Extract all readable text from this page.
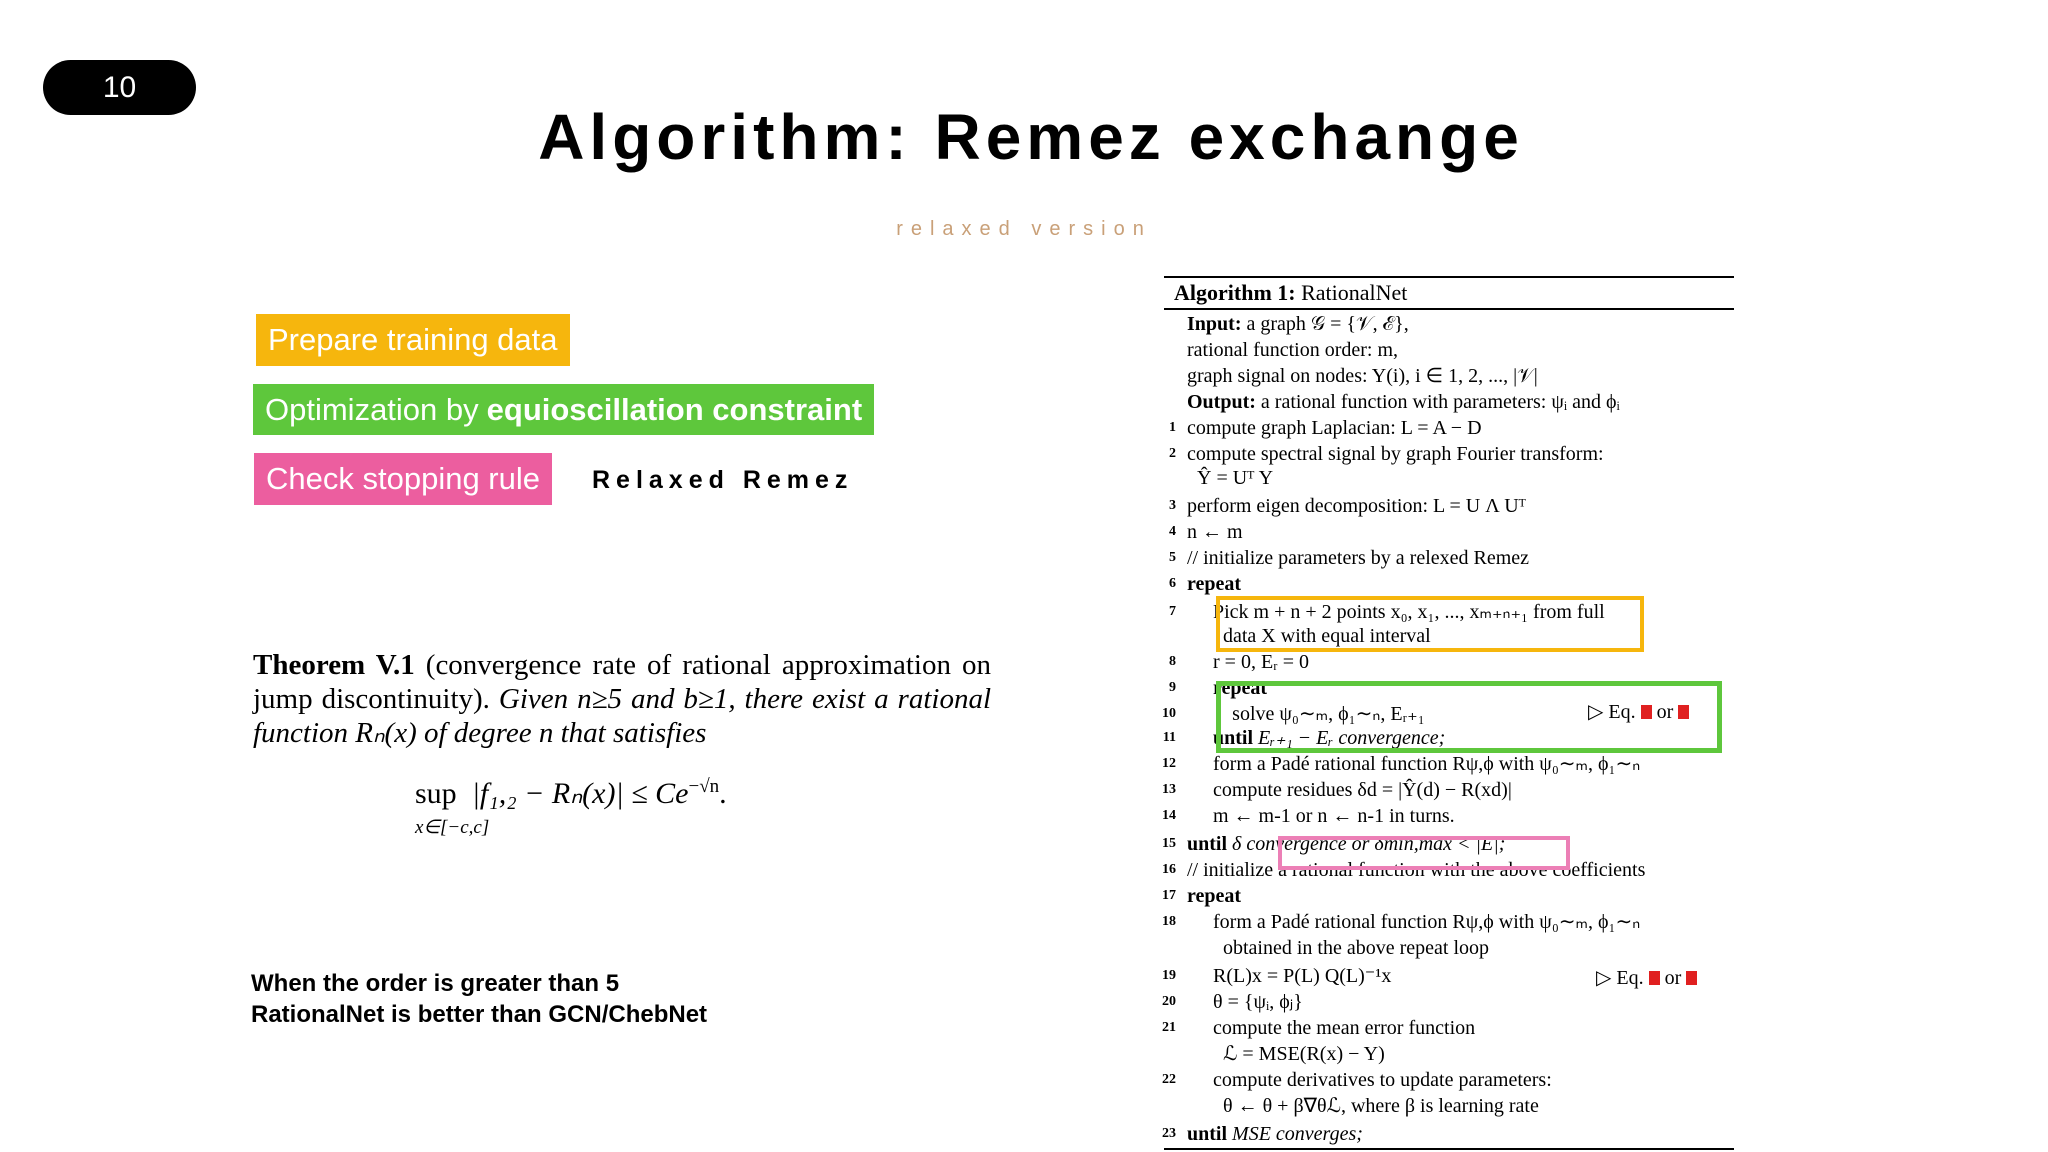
10
Algorithm: Remez exchange
relaxed version
Prepare training data
Optimization by equioscillation constraint
Check stopping rule Relaxed Remez
Theorem V.1 (convergence rate of rational approximation on jump discontinuity). Given n≥5 and b≥1, there exist a rational function Rₙ(x) of degree n that satisfies
sup $|f_1,_2 - R_n(x)| \le Ce^{-√n}$.
x∈[−c,c]
When the order is greater than 5
RationalNet is better than GCN/ChebNet
Algorithm 1: RationalNet
Input: a graph 𝒢 = {𝒱, ℰ},
rational function order: m,
graph signal on nodes: Y(i), i ∈ 1, 2, ..., |𝒱|
Output: a rational function with parameters: ψᵢ and ϕᵢ
1 compute graph Laplacian: L = A − D
2 compute spectral signal by graph Fourier transform:
Ŷ = Uᵀ Y
3 perform eigen decomposition: L = U Λ Uᵀ
4 n ← m
5 // initialize parameters by a relexed Remez
6 repeat
7 Pick m + n + 2 points x₀, x₁, ..., xₘ₊ₙ₊₁ from full
data X with equal interval
8 r = 0, Eᵣ = 0
9 repeat
10 │ solve ψ₀∼ₘ, ϕ₁∼ₙ, Eᵣ₊₁
11 until Eᵣ₊₁ − Eᵣ convergence;
12 form a Padé rational function Rψ,ϕ with ψ₀∼ₘ, ϕ₁∼ₙ
13 compute residues δd = |Ŷ(d) − R(xd)|
14 m ← m-1 or n ← n-1 in turns.
15 until δ convergence or δmin,max < |E|;
16 // initialize a rational function with the above coefficients
17 repeat
18 form a Padé rational function Rψ,ϕ with ψ₀∼ₘ, ϕ₁∼ₙ
obtained in the above repeat loop
19 R(L)x = P(L) Q(L)⁻¹x
20 θ = {ψᵢ, ϕⱼ}
21 compute the mean error function
ℒ = MSE(R(x) − Y)
22 compute derivatives to update parameters:
θ ← θ + β∇θℒ, where β is learning rate
23 until MSE converges;
▷ Eq. or
▷ Eq. or
